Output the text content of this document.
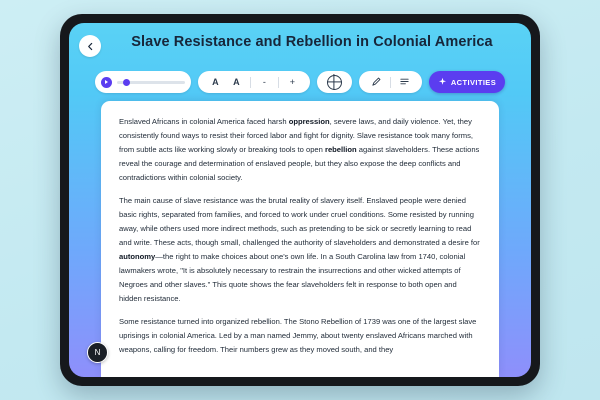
Slave Resistance and Rebellion in Colonial America
A	A	-	+	ACTIVITIES

Enslaved Africans in colonial America faced harsh oppression, severe laws, and daily violence. Yet, they consistently found ways to resist their forced labor and fight for dignity. Slave resistance took many forms, from subtle acts like working slowly or breaking tools to open rebellion against slaveholders. These actions reveal the courage and determination of enslaved people, but they also expose the deep conflicts and contradictions within colonial society.

The main cause of slave resistance was the brutal reality of slavery itself. Enslaved people were denied basic rights, separated from families, and forced to work under cruel conditions. Some resisted by running away, while others used more indirect methods, such as pretending to be sick or secretly learning to read and write. These acts, though small, challenged the authority of slaveholders and demonstrated a desire for autonomy—the right to make choices about one's own life. In a South Carolina law from 1740, colonial lawmakers wrote, "It is absolutely necessary to restrain the insurrections and other wicked attempts of Negroes and other slaves." This quote shows the fear slaveholders felt in response to both open and hidden resistance.

Some resistance turned into organized rebellion. The Stono Rebellion of 1739 was one of the largest slave uprisings in colonial America. Led by a man named Jemmy, about twenty enslaved Africans marched with weapons, calling for freedom. Their numbers grew as they moved south, and they

N
